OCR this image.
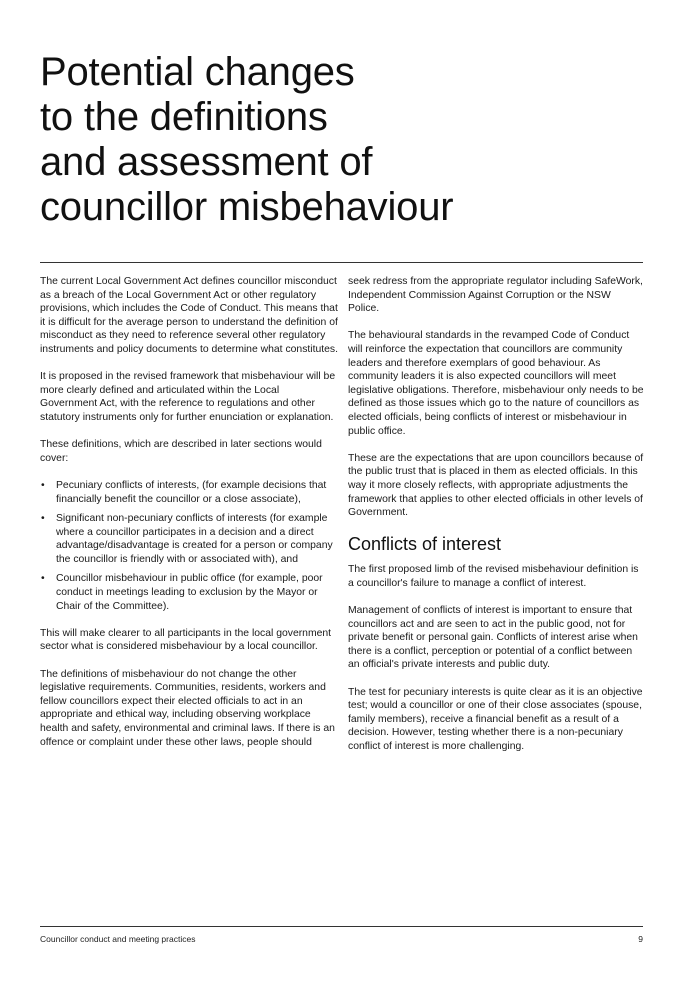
Potential changes
to the definitions
and assessment of
councillor misbehaviour

The current Local Government Act defines councillor misconduct as a breach of the Local Government Act or other regulatory provisions, which includes the Code of Conduct. This means that it is difficult for the average person to understand the definition of misconduct as they need to reference several other regulatory instruments and policy documents to determine what constitutes.

It is proposed in the revised framework that misbehaviour will be more clearly defined and articulated within the Local Government Act, with the reference to regulations and other statutory instruments only for further enunciation or explanation.

These definitions, which are described in later sections would cover:

• Pecuniary conflicts of interests, (for example decisions that financially benefit the councillor or a close associate),
• Significant non-pecuniary conflicts of interests (for example where a councillor participates in a decision and a direct advantage/disadvantage is created for a person or company the councillor is friendly with or associated with), and
• Councillor misbehaviour in public office (for example, poor conduct in meetings leading to exclusion by the Mayor or Chair of the Committee).

This will make clearer to all participants in the local government sector what is considered misbehaviour by a local councillor.

The definitions of misbehaviour do not change the other legislative requirements. Communities, residents, workers and fellow councillors expect their elected officials to act in an appropriate and ethical way, including observing workplace health and safety, environmental and criminal laws. If there is an offence or complaint under these other laws, people should

seek redress from the appropriate regulator including SafeWork, Independent Commission Against Corruption or the NSW Police.

The behavioural standards in the revamped Code of Conduct will reinforce the expectation that councillors are community leaders and therefore exemplars of good behaviour. As community leaders it is also expected councillors will meet legislative obligations. Therefore, misbehaviour only needs to be defined as those issues which go to the nature of councillors as elected officials, being conflicts of interest or misbehaviour in public office.

These are the expectations that are upon councillors because of the public trust that is placed in them as elected officials. In this way it more closely reflects, with appropriate adjustments the framework that applies to other elected officials in other levels of Government.

Conflicts of interest

The first proposed limb of the revised misbehaviour definition is a councillor's failure to manage a conflict of interest.

Management of conflicts of interest is important to ensure that councillors act and are seen to act in the public good, not for private benefit or personal gain. Conflicts of interest arise when there is a conflict, perception or potential of a conflict between an official's private interests and public duty.

The test for pecuniary interests is quite clear as it is an objective test; would a councillor or one of their close associates (spouse, family members), receive a financial benefit as a result of a decision. However, testing whether there is a non-pecuniary conflict of interest is more challenging.

Councillor conduct and meeting practices	9
